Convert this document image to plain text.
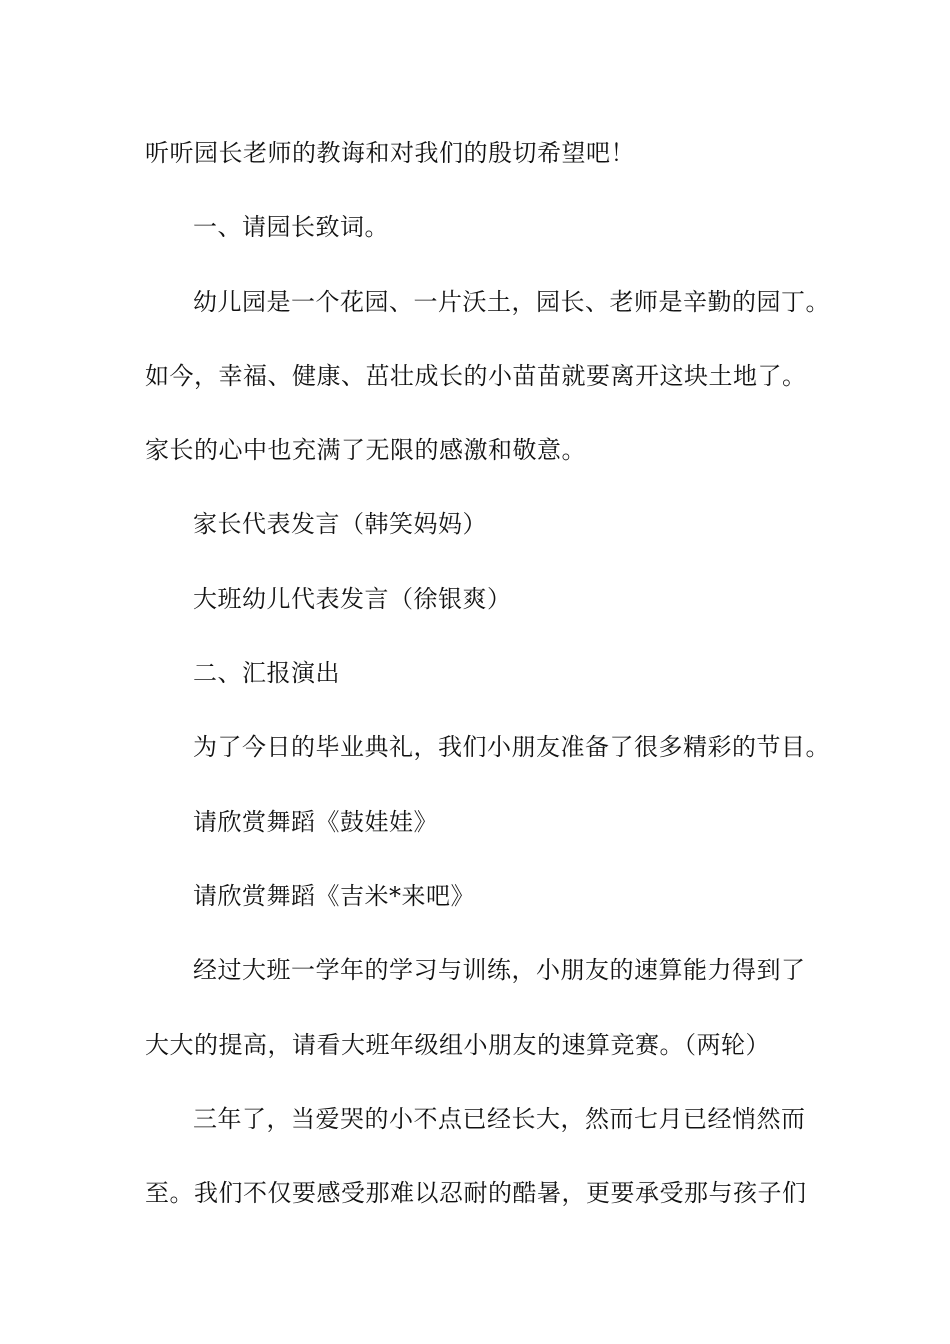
听听园长老师的教诲和对我们的殷切希望吧！
一、请园长致词。
幼儿园是一个花园、一片沃土，园长、老师是辛勤的园丁。
如今，幸福、健康、茁壮成长的小苗苗就要离开这块土地了。
家长的心中也充满了无限的感激和敬意。
家长代表发言（韩笑妈妈）
大班幼儿代表发言（徐银爽）
二、汇报演出
为了今日的毕业典礼，我们小朋友准备了很多精彩的节目。
请欣赏舞蹈《鼓娃娃》
请欣赏舞蹈《吉米*来吧》
经过大班一学年的学习与训练，小朋友的速算能力得到了
大大的提高，请看大班年级组小朋友的速算竞赛。（两轮）
三年了，当爱哭的小不点已经长大，然而七月已经悄然而
至。我们不仅要感受那难以忍耐的酷暑，更要承受那与孩子们
